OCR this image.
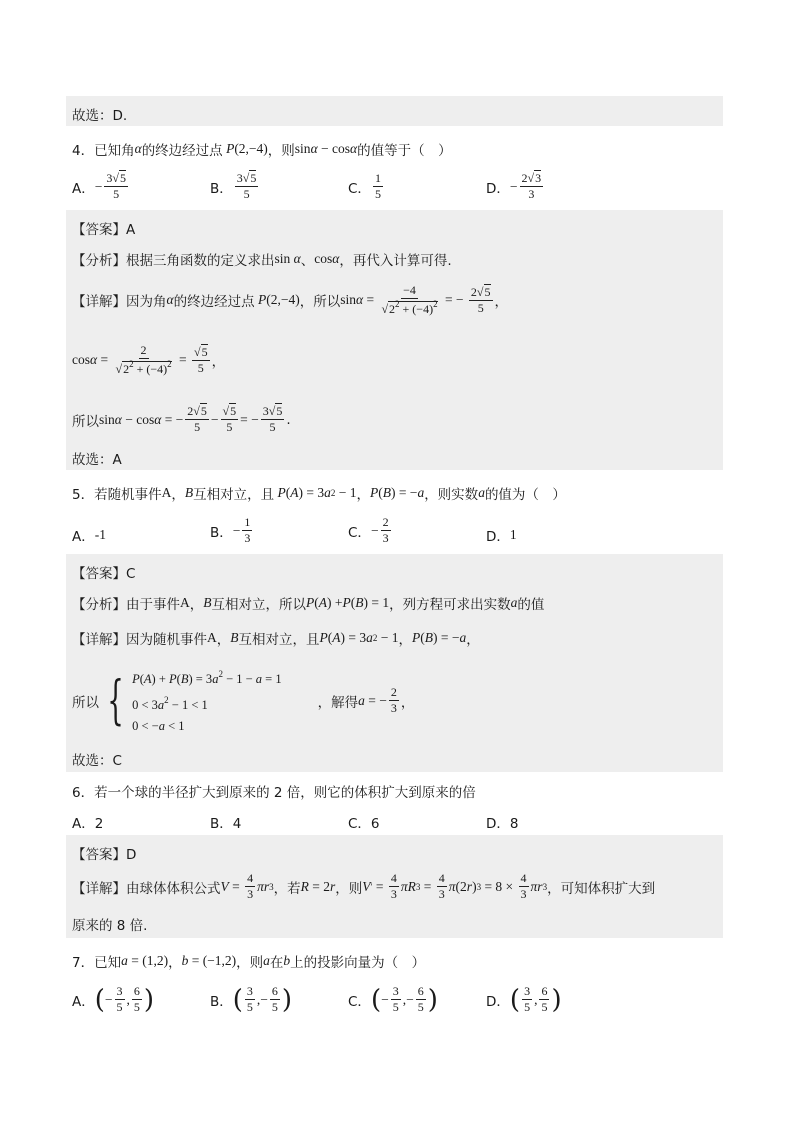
故选：D.
4．已知角 α 的终边经过点 P (2,−4) ，则 sin α − cos α 的值等于（　）
A． − $\frac{3√5}{5}$	B． $\frac{3√5}{5}$	C． $\frac{1}{5}$	D． − $\frac{2√3}{3}$
【答案】A
【分析】 根据三角函数的定义求出 sin α 、 cos α ，再代入计算可得.
【详解】 因为角 α 的终边经过点 P (2,−4) ，所以 $\sin \alpha = \frac{-4}{√2^2 + (-4)^2}$ = − $\frac{2√5}{5}$ ，
$\cos \alpha = \frac{2}{√2^2 + (-4)^2} = \frac{√5}{5}$ ，
所以 sin α − cos α = − $\frac{2√5}{5} - \frac{√5}{5}$ = − $\frac{3√5}{5}$ .
故选：A
5．若随机事件 A ， B 互相对立，且 P ( A ) = 3 a 2 − 1 ， P ( B ) = − a ，则实数 a 的值为（　）
A． -1	B． − $\frac{1}{3}$	C． − $\frac{2}{3}$	D． 1
【答案】C
【分析】 由于事件 A ， B 互相对立，所以 P ( A ) + P ( B ) = 1 ，列方程可求出实数 a 的值
【详解】 因为随机事件 A ， B 互相对立，且 P ( A ) = 3 a 2 − 1 ， P ( B ) = − a ，
所以 { $P(A) + P(B) = 3a^2 - 1 - a = 1$
$0 < 3a^2 - 1 < 1$
0 < −a < 1
，解得 a = − $\frac{2}{3}$ ，
故选：C
6．若一个球的半径扩大到原来的 2 倍，则它的体积扩大到原来的倍
A．2	B．4	C．6	D．8
【答案】D
【详解】 由球体体积公式 $V = \frac{4}{3}$ πr 3 ，若 R = 2 r ，则 V ′ = $\frac{4}{3}$ πR $3 = \frac{4}{3}$ π (2 r ) $3 = 8 \times \frac{4}{3}$ πr 3 ，可知体积扩大到
原来的 8 倍.
7．已知 a = (1,2) ， b = (−1,2) ，则 a 在 b 上的投影向量为（　）
A． ( − $\frac{3}{5}$ , $\frac{6}{5}$ )	B． ( $\frac{3}{5}$ ,− $\frac{6}{5}$ )	C． ( − $\frac{3}{5}$ ,− $\frac{6}{5}$ )	D． ( $\frac{3}{5}$ , $\frac{6}{5}$ )
